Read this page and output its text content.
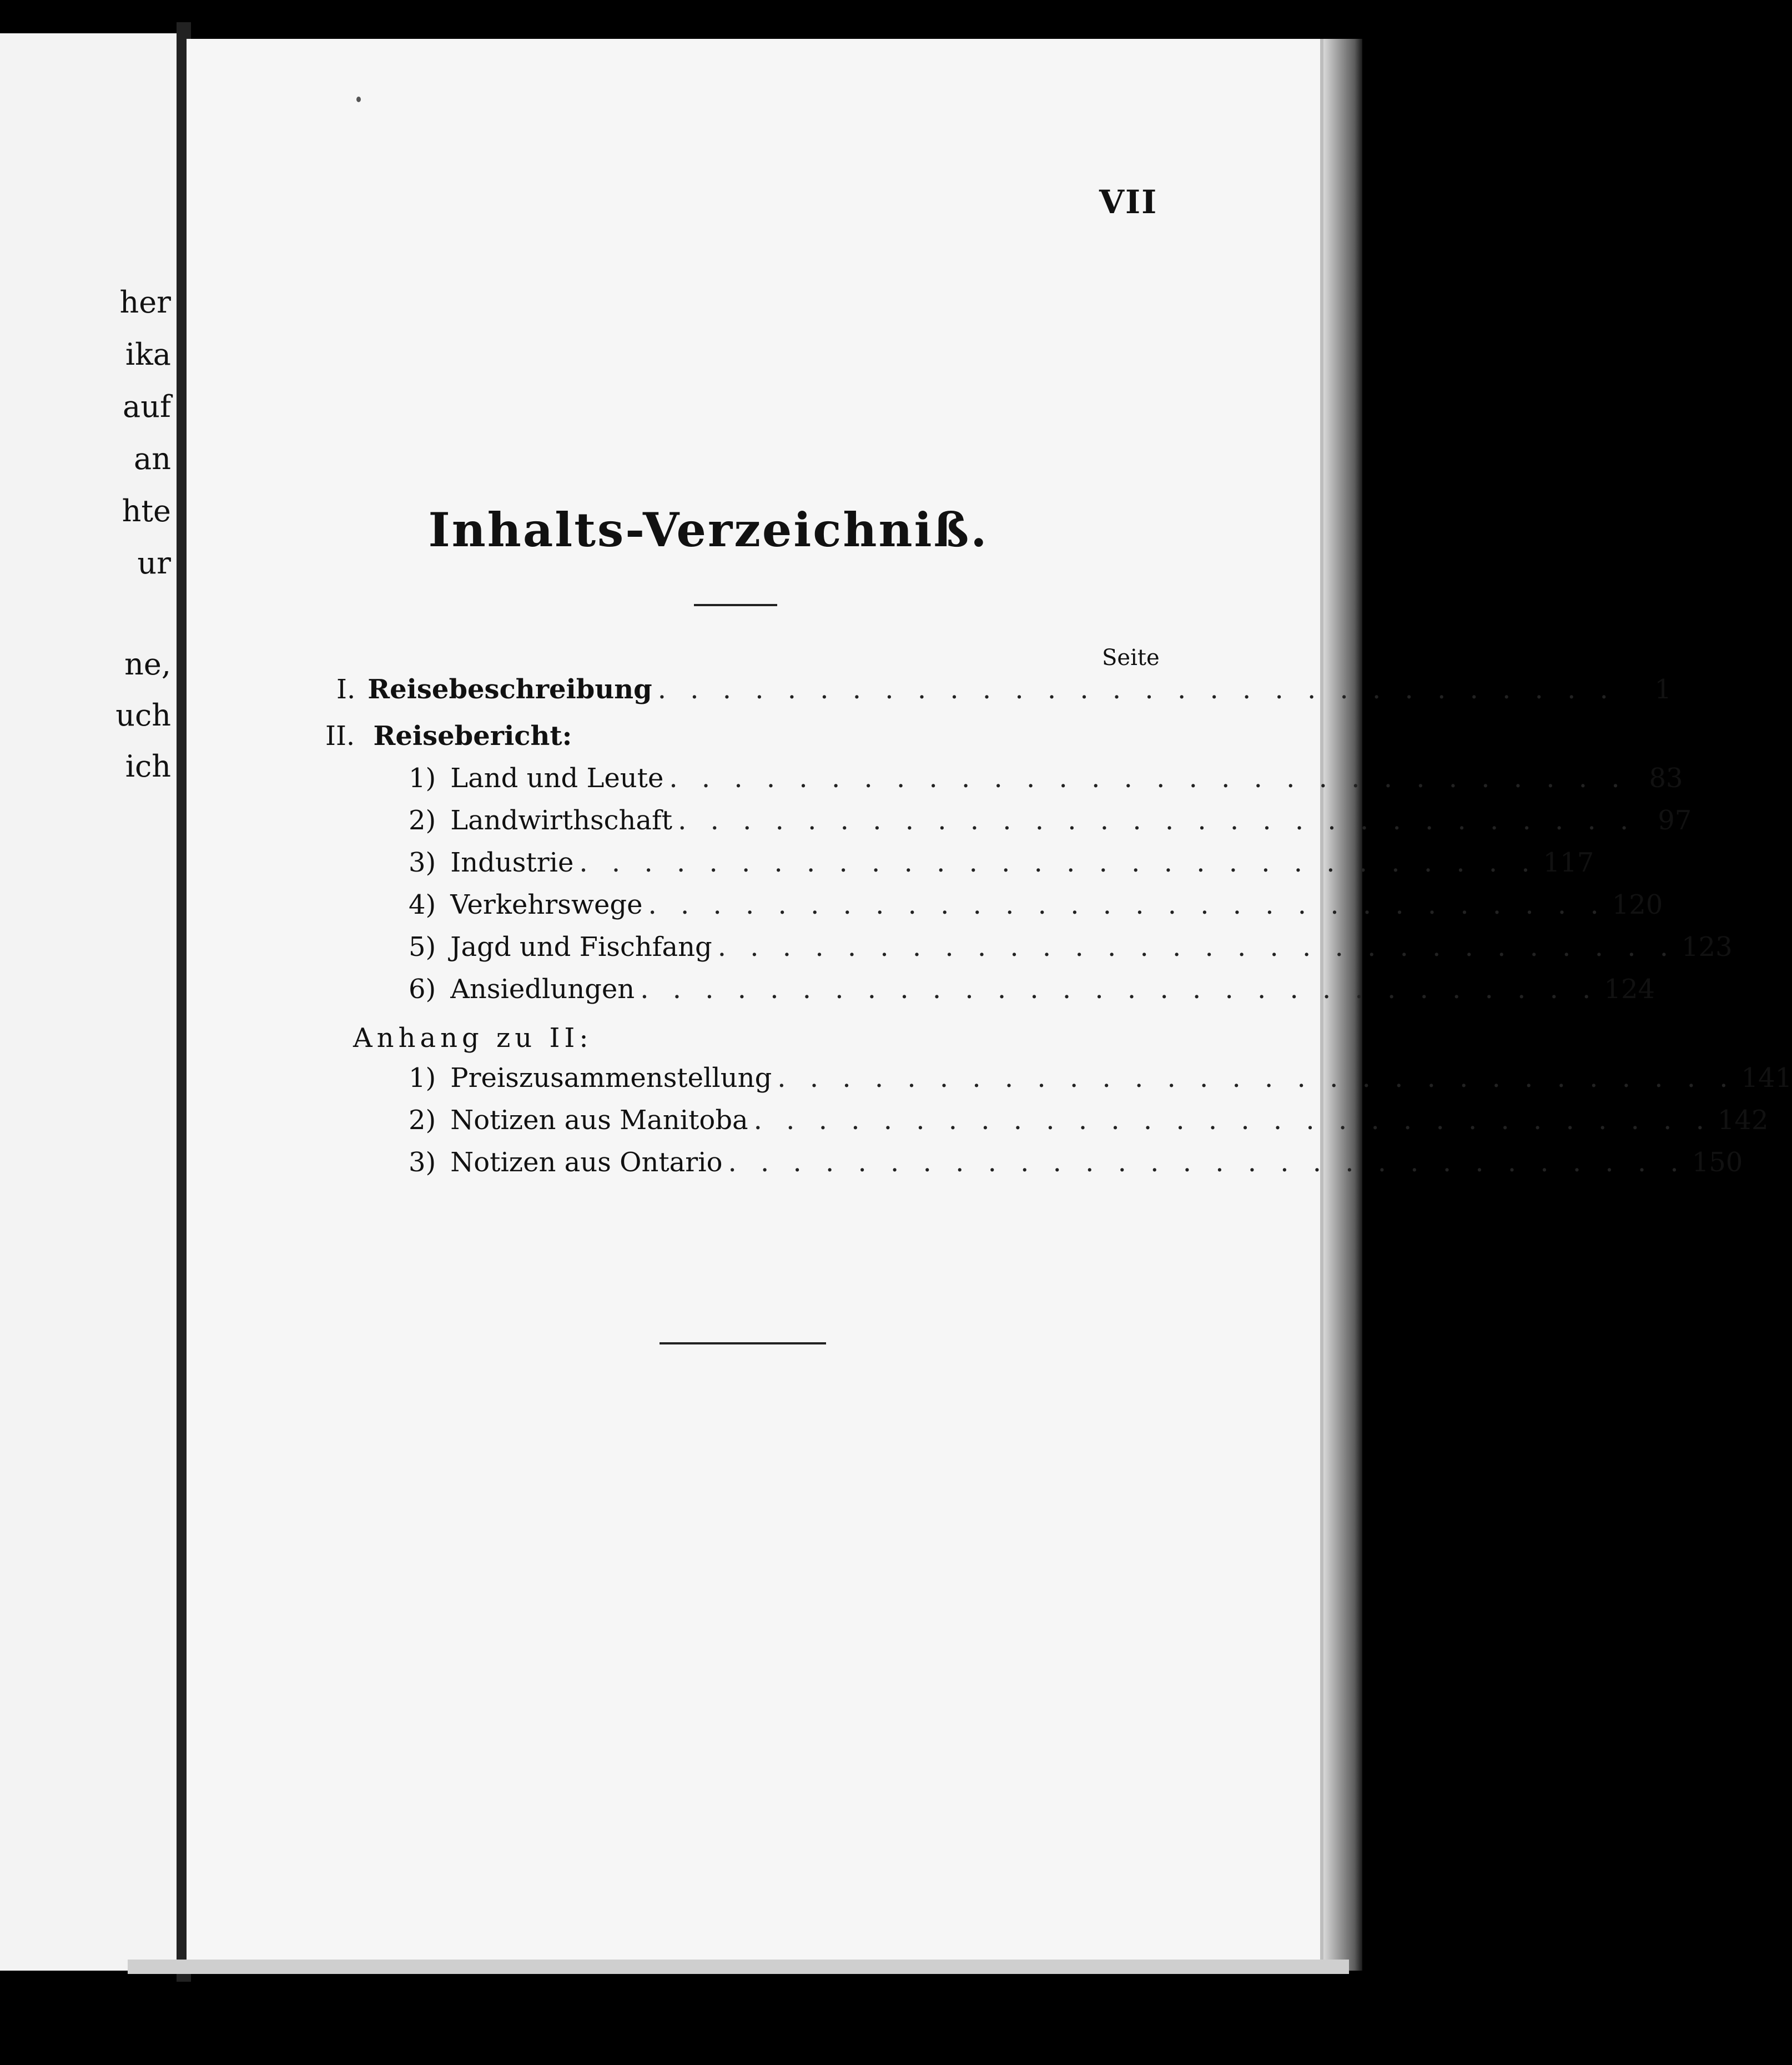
her
ika
auf
an
hte
ur
ne,
uch
ich
VII
Inhalts-Verzeichniß.
Seite
I. Reisebeschreibung . . . . . . . . . . . . . . . . . . . . . . . . . . . . . .	1
II. Reisebericht:
1) Land und Leute . . . . . . . . . . . . . . . . . . . . . . . . . . . . . . 83
2) Landwirthschaft . . . . . . . . . . . . . . . . . . . . . . . . . . . . . . 97
3) Industrie . . . . . . . . . . . . . . . . . . . . . . . . . . . . . . 117
4) Verkehrswege . . . . . . . . . . . . . . . . . . . . . . . . . . . . . . 120
5) Jagd und Fischfang . . . . . . . . . . . . . . . . . . . . . . . . . . . . . . 123
6) Ansiedlungen . . . . . . . . . . . . . . . . . . . . . . . . . . . . . . 124
Anhang zu II:
1) Preiszusammenstellung . . . . . . . . . . . . . . . . . . . . . . . . . . . . . . 141
2) Notizen aus Manitoba . . . . . . . . . . . . . . . . . . . . . . . . . . . . . . 142
3) Notizen aus Ontario . . . . . . . . . . . . . . . . . . . . . . . . . . . . . . 150
